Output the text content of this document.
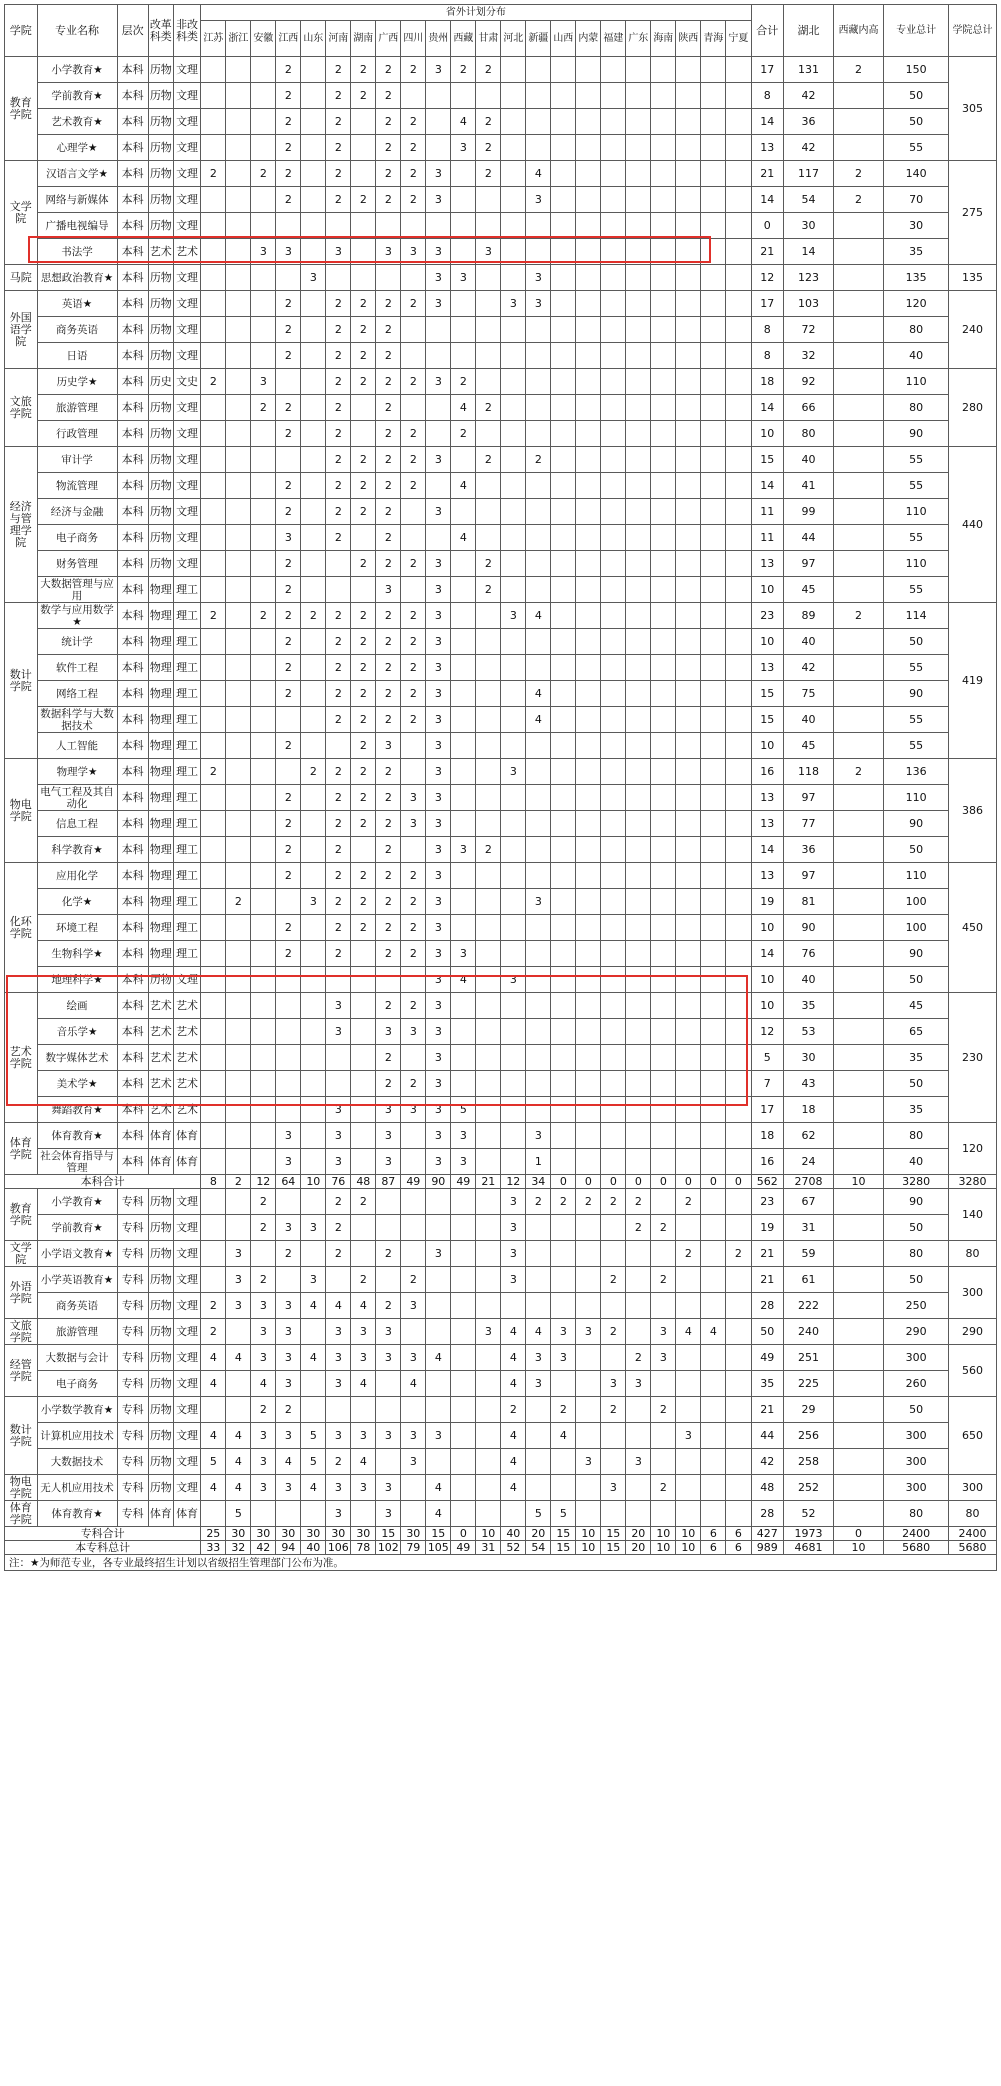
学院	专业名称	层次	改革科类	非改科类	省外计划分布																						合计	湖北	西藏内高	专业总计	学院总计
					江苏	浙江	安徽	江西	山东	河南	湖南	广西	四川	贵州	西藏	甘肃	河北	新疆	山西	内蒙	福建	广东	海南	陕西	青海	宁夏					
教育学院	小学教育★	本科	历物	文理				2		2	2	2	2	3	2	2											17	131	2	150	305
	学前教育★	本科	历物	文理				2		2	2	2															8	42		50	
	艺术教育★	本科	历物	文理				2		2		2	2		4	2											14	36		50	
	心理学★	本科	历物	文理				2		2		2	2		3	2											13	42		55	
文学院	汉语言文学★	本科	历物	文理	2		2	2		2		2	2	3		2		4									21	117	2	140	275
	网络与新媒体	本科	历物	文理				2		2	2	2	2	3				3									14	54	2	70	
	广播电视编导	本科	历物	文理																							0	30		30	
	书法学	本科	艺术	艺术			3	3		3		3	3	3		3											21	14		35	
马院	思想政治教育★	本科	历物	文理					3					3	3			3									12	123		135	135
外国语学院	英语★	本科	历物	文理				2		2	2	2	2	3			3	3									17	103		120	240
	商务英语	本科	历物	文理				2		2	2	2															8	72		80	
	日语	本科	历物	文理				2		2	2	2															8	32		40	
文旅学院	历史学★	本科	历史	文史	2		3			2	2	2	2	3	2												18	92		110	280
	旅游管理	本科	历物	文理			2	2		2		2			4	2											14	66		80	
	行政管理	本科	历物	文理				2		2		2	2		2												10	80		90	
经济与管理学院	审计学	本科	历物	文理						2	2	2	2	3		2		2									15	40		55	440
	物流管理	本科	历物	文理				2		2	2	2	2		4												14	41		55	
	经济与金融	本科	历物	文理				2		2	2	2		3													11	99		110	
	电子商务	本科	历物	文理				3		2		2			4												11	44		55	
	财务管理	本科	历物	文理				2			2	2	2	3		2											13	97		110	
	大数据管理与应用	本科	物理	理工				2				3		3		2											10	45		55	
数计学院	数学与应用数学★	本科	物理	理工	2		2	2	2	2	2	2	2	3			3	4									23	89	2	114	419
	统计学	本科	物理	理工				2		2	2	2	2	3													10	40		50	
	软件工程	本科	物理	理工				2		2	2	2	2	3													13	42		55	
	网络工程	本科	物理	理工				2		2	2	2	2	3				4									15	75		90	
	数据科学与大数据技术	本科	物理	理工						2	2	2	2	3				4									15	40		55	
	人工智能	本科	物理	理工				2			2	3		3													10	45		55	
物电学院	物理学★	本科	物理	理工	2				2	2	2	2		3			3										16	118	2	136	386
	电气工程及其自动化	本科	物理	理工				2		2	2	2	3	3													13	97		110	
	信息工程	本科	物理	理工				2		2	2	2	3	3													13	77		90	
	科学教育★	本科	物理	理工				2		2		2		3	3	2											14	36		50	
化环学院	应用化学	本科	物理	理工				2		2	2	2	2	3													13	97		110	450
	化学★	本科	物理	理工		2			3	2	2	2	2	3				3									19	81		100	
	环境工程	本科	物理	理工				2		2	2	2	2	3													10	90		100	
	生物科学★	本科	物理	理工				2		2		2	2	3	3												14	76		90	
	地理科学★	本科	历物	文理										3	4		3										10	40		50	
艺术学院	绘画	本科	艺术	艺术						3		2	2	3													10	35		45	230
	音乐学★	本科	艺术	艺术						3		3	3	3													12	53		65	
	数字媒体艺术	本科	艺术	艺术								2		3													5	30		35	
	美术学★	本科	艺术	艺术								2	2	3													7	43		50	
	舞蹈教育★	本科	艺术	艺术						3		3	3	3	5												17	18		35	
体育学院	体育教育★	本科	体育	体育				3		3		3		3	3			3									18	62		80	120
	社会体育指导与管理	本科	体育	体育				3		3		3		3	3			1									16	24		40	
本科合计					8	2	12	64	10	76	48	87	49	90	49	21	12	34	0	0	0	0	0	0	0	0	562	2708	10	3280	3280
教育学院	小学教育★	专科	历物	文理			2			2	2						3	2	2	2	2	2		2			23	67		90	140
	学前教育★	专科	历物	文理			2	3	3	2							3					2	2				19	31		50	
文学院	小学语文教育★	专科	历物	文理		3		2		2		2		3			3							2		2	21	59		80	80
外语学院	小学英语教育★	专科	历物	文理		3	2		3		2		2				3				2		2				21	61		50	300
	商务英语	专科	历物	文理	2	3	3	3	4	4	4	2	3														28	222		250	
文旅学院	旅游管理	专科	历物	文理	2		3	3		3	3	3				3	4	4	3	3	2		3	4	4		50	240		290	290
经管学院	大数据与会计	专科	历物	文理	4	4	3	3	4	3	3	3	3	4			4	3	3			2	3				49	251		300	560
	电子商务	专科	历物	文理	4		4	3		3	4		4				4	3			3	3					35	225		260	
数计学院	小学数学教育★	专科	历物	文理			2	2									2		2		2		2				21	29		50	650
	计算机应用技术	专科	历物	文理	4	4	3	3	5	3	3	3	3	3			4		4					3			44	256		300	
	大数据技术	专科	历物	文理	5	4	3	4	5	2	4		3				4			3		3					42	258		300	
物电学院	无人机应用技术	专科	历物	文理	4	4	3	3	4	3	3	3		4			4				3		2				48	252		300	300
体育学院	体育教育★	专科	体育	体育		5				3		3		4				5	5								28	52		80	80
专科合计					25	30	30	30	30	30	30	15	30	15	0	10	40	20	15	10	15	20	10	10	6	6	427	1973	0	2400	2400
本专科总计					33	32	42	94	40	106	78	102	79	105	49	31	52	54	15	10	15	20	10	10	6	6	989	4681	10	5680	5680
注：★为师范专业，各专业最终招生计划以省级招生管理部门公布为准。																															
